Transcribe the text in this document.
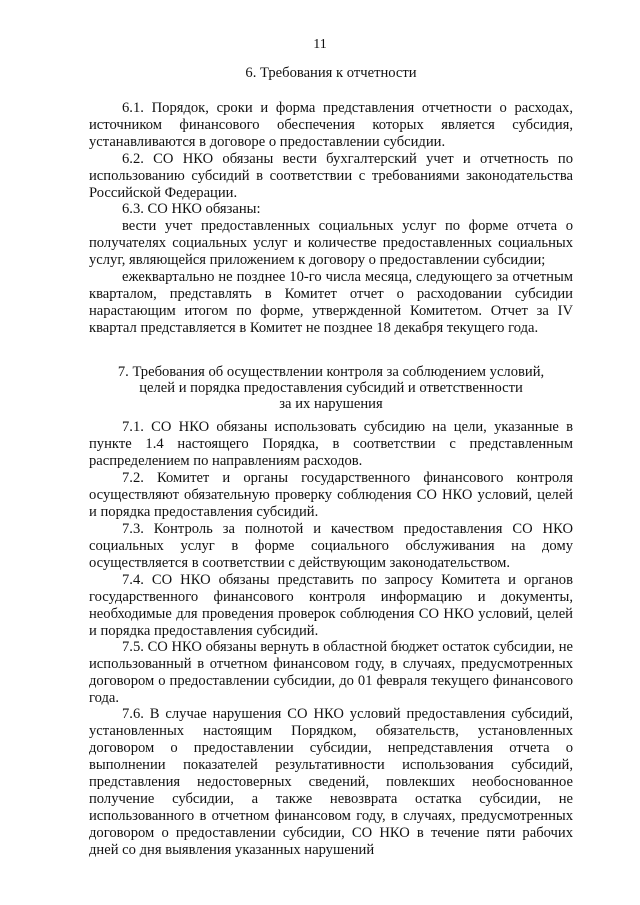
11
6. Требования к отчетности

6.1. Порядок, сроки и форма представления отчетности о расходах, источником финансового обеспечения которых является субсидия, устанавливаются в договоре о предоставлении субсидии.

6.2. СО НКО обязаны вести бухгалтерский учет и отчетность по использованию субсидий в соответствии с требованиями законодательства Российской Федерации.

6.3. СО НКО обязаны:

вести учет предоставленных социальных услуг по форме отчета о получателях социальных услуг и количестве предоставленных социальных услуг, являющейся приложением к договору о предоставлении субсидии;

ежеквартально не позднее 10-го числа месяца, следующего за отчетным кварталом, представлять в Комитет отчет о расходовании субсидии нарастающим итогом по форме, утвержденной Комитетом. Отчет за IV квартал представляется в Комитет не позднее 18 декабря текущего года.

7. Требования об осуществлении контроля за соблюдением условий,
целей и порядка предоставления субсидий и ответственности
за их нарушения

7.1. СО НКО обязаны использовать субсидию на цели, указанные в пункте 1.4 настоящего Порядка, в соответствии с представленным распределением по направлениям расходов.

7.2. Комитет и органы государственного финансового контроля осуществляют обязательную проверку соблюдения СО НКО условий, целей и порядка предоставления субсидий.

7.3. Контроль за полнотой и качеством предоставления СО НКО социальных услуг в форме социального обслуживания на дому осуществляется в соответствии с действующим законодательством.

7.4. СО НКО обязаны представить по запросу Комитета и органов государственного финансового контроля информацию и документы, необходимые для проведения проверок соблюдения СО НКО условий, целей и порядка предоставления субсидий.

7.5. СО НКО обязаны вернуть в областной бюджет остаток субсидии, не использованный в отчетном финансовом году, в случаях, предусмотренных договором о предоставлении субсидии, до 01 февраля текущего финансового года.

7.6. В случае нарушения СО НКО условий предоставления субсидий, установленных настоящим Порядком, обязательств, установленных договором о предоставлении субсидии, непредставления отчета о выполнении показателей результативности использования субсидий, представления недостоверных сведений, повлекших необоснованное получение субсидии, а также невозврата остатка субсидии, не использованного в отчетном финансовом году, в случаях, предусмотренных договором о предоставлении субсидии, СО НКО в течение пяти рабочих дней со дня выявления указанных нарушений
